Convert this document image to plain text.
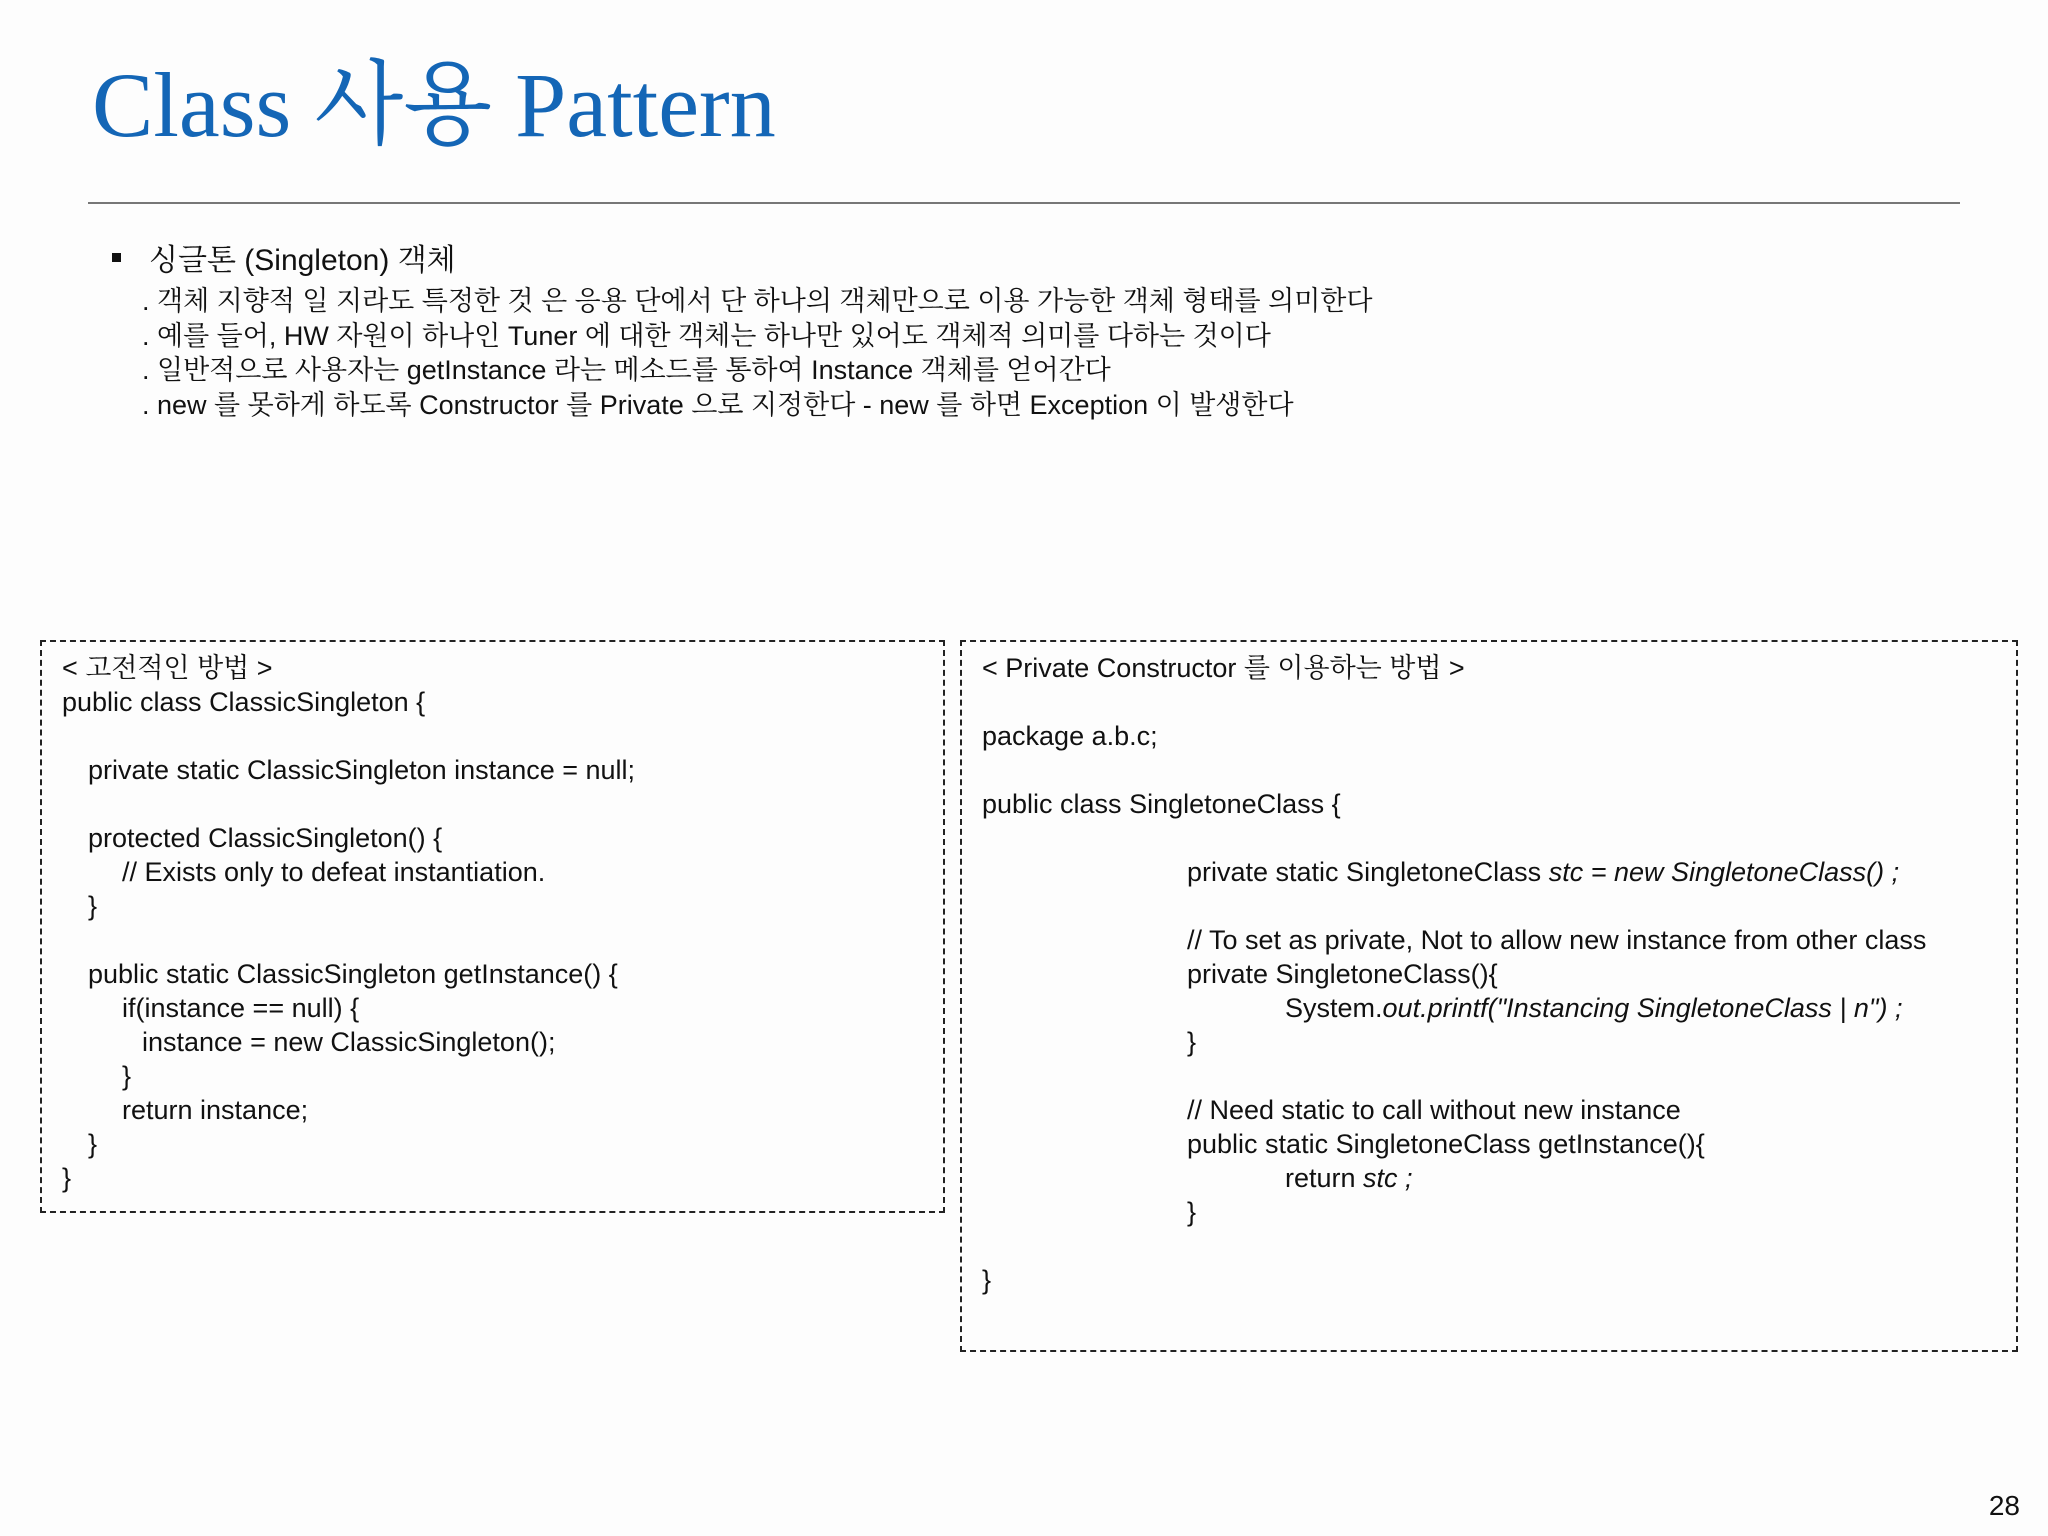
Class 사용 Pattern
싱글톤 (Singleton) 객체
. 객체 지향적 일 지라도 특정한 것 은 응용 단에서 단 하나의 객체만으로 이용 가능한 객체 형태를 의미한다
. 예를 들어, HW 자원이 하나인 Tuner 에 대한 객체는 하나만 있어도 객체적 의미를 다하는 것이다
. 일반적으로 사용자는 getInstance 라는 메소드를 통하여 Instance 객체를 얻어간다
. new 를 못하게 하도록 Constructor 를 Private 으로 지정한다 - new 를 하면 Exception 이 발생한다
< 고전적인 방법 >
public class ClassicSingleton {
private static ClassicSingleton instance = null;
protected ClassicSingleton() {
// Exists only to defeat instantiation.
}
public static ClassicSingleton getInstance() {
if(instance == null) {
instance = new ClassicSingleton();
}
return instance;
}
}
< Private Constructor 를 이용하는 방법 >
package a.b.c;
public class SingletoneClass {
private static SingletoneClass stc = new SingletoneClass() ;
// To set as private, Not to allow new instance from other class
private SingletoneClass(){
System.out.printf("Instancing SingletoneClass | n") ;
}
// Need static to call without new instance
public static SingletoneClass getInstance(){
return stc ;
}
}
28
